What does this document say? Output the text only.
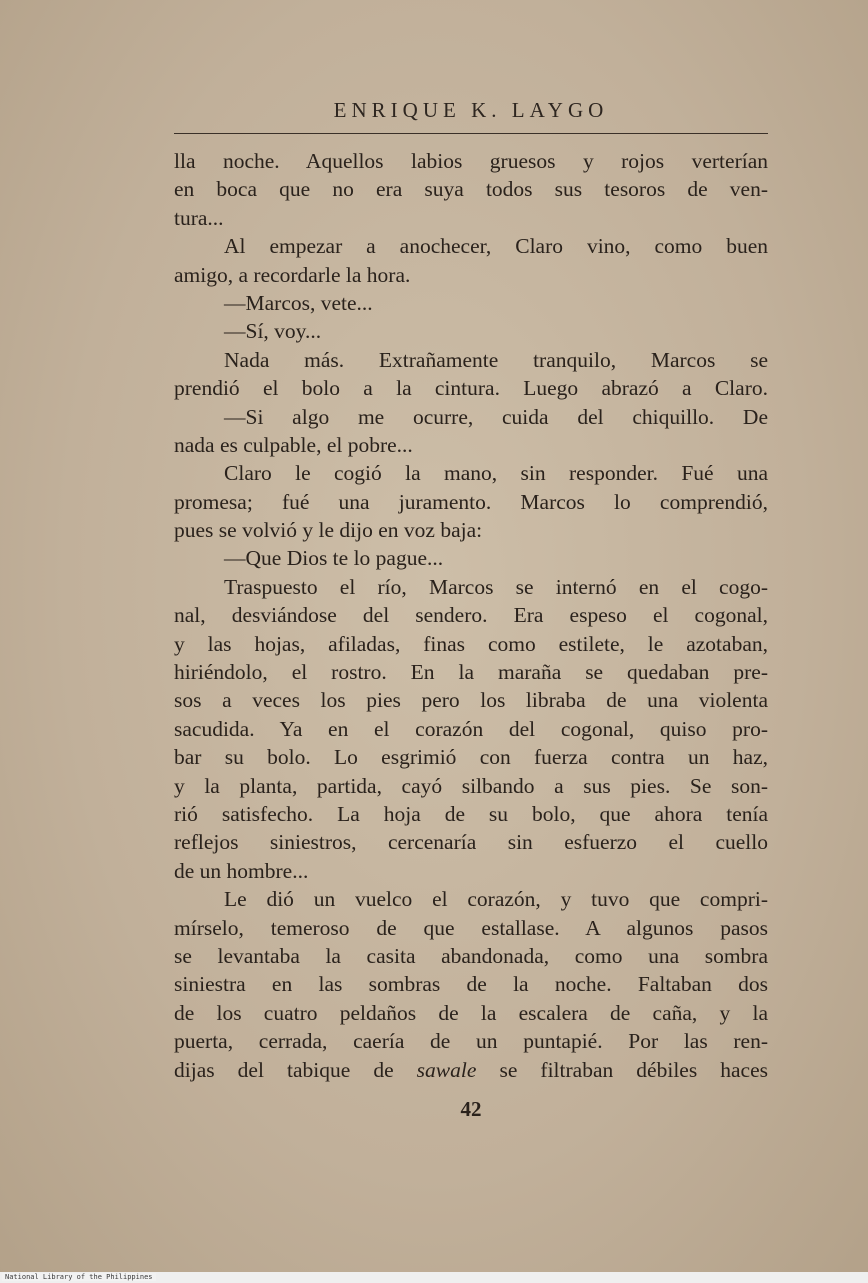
ENRIQUE K. LAYGO
lla noche. Aquellos labios gruesos y rojos verterían
en boca que no era suya todos sus tesoros de ven-
tura...
Al empezar a anochecer, Claro vino, como buen
amigo, a recordarle la hora.
—Marcos, vete...
—Sí, voy...
Nada más. Extrañamente tranquilo, Marcos se
prendió el bolo a la cintura. Luego abrazó a Claro.
—Si algo me ocurre, cuida del chiquillo. De
nada es culpable, el pobre...
Claro le cogió la mano, sin responder. Fué una
promesa; fué una juramento. Marcos lo comprendió,
pues se volvió y le dijo en voz baja:
—Que Dios te lo pague...
Traspuesto el río, Marcos se internó en el cogo-
nal, desviándose del sendero. Era espeso el cogonal,
y las hojas, afiladas, finas como estilete, le azotaban,
hiriéndolo, el rostro. En la maraña se quedaban pre-
sos a veces los pies pero los libraba de una violenta
sacudida. Ya en el corazón del cogonal, quiso pro-
bar su bolo. Lo esgrimió con fuerza contra un haz,
y la planta, partida, cayó silbando a sus pies. Se son-
rió satisfecho. La hoja de su bolo, que ahora tenía
reflejos siniestros, cercenaría sin esfuerzo el cuello
de un hombre...
Le dió un vuelco el corazón, y tuvo que compri-
mírselo, temeroso de que estallase. A algunos pasos
se levantaba la casita abandonada, como una sombra
siniestra en las sombras de la noche. Faltaban dos
de los cuatro peldaños de la escalera de caña, y la
puerta, cerrada, caería de un puntapié. Por las ren-
dijas del tabique de sawale se filtraban débiles haces
42
National Library of the Philippines
